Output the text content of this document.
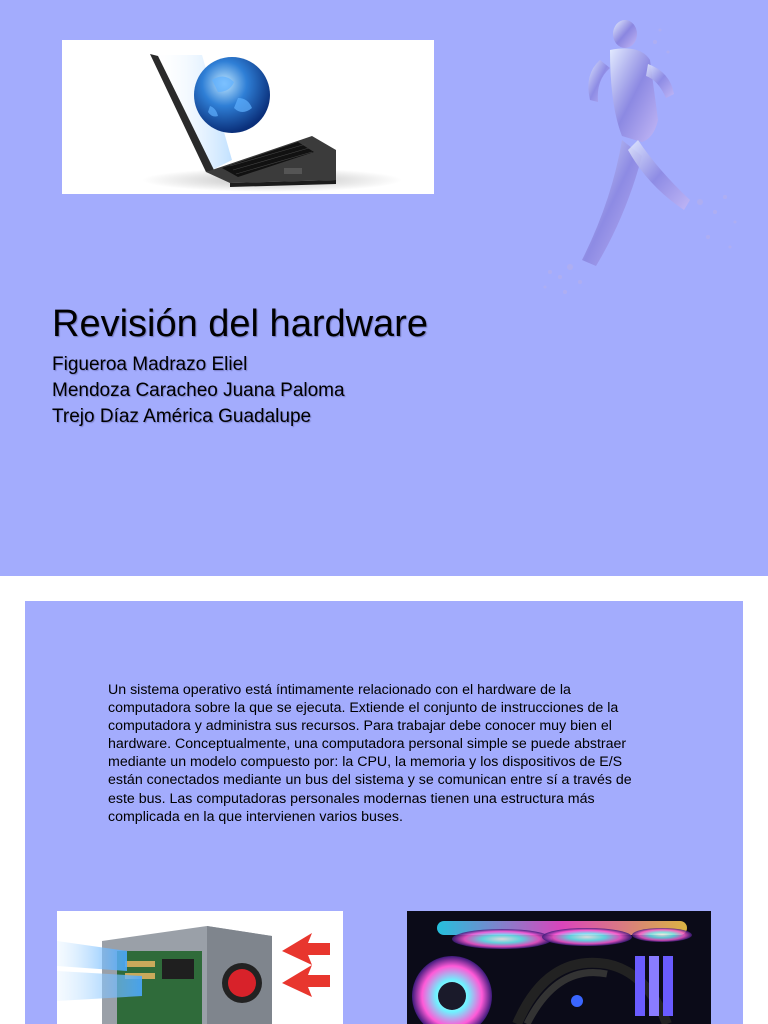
Revisión del hardware
Figueroa Madrazo Eliel
Mendoza Caracheo Juana Paloma
Trejo Díaz América Guadalupe

Un sistema operativo está íntimamente relacionado con el hardware de la computadora sobre la que se ejecuta. Extiende el conjunto de instrucciones de la computadora y administra sus recursos. Para trabajar debe conocer muy bien el hardware. Conceptualmente, una computadora personal simple se puede abstraer mediante un modelo compuesto por: la CPU, la memoria y los dispositivos de E/S están conectados mediante un bus del sistema y se comunican entre sí a través de este bus. Las computadoras personales modernas tienen una estructura más complicada en la que intervienen varios buses.
